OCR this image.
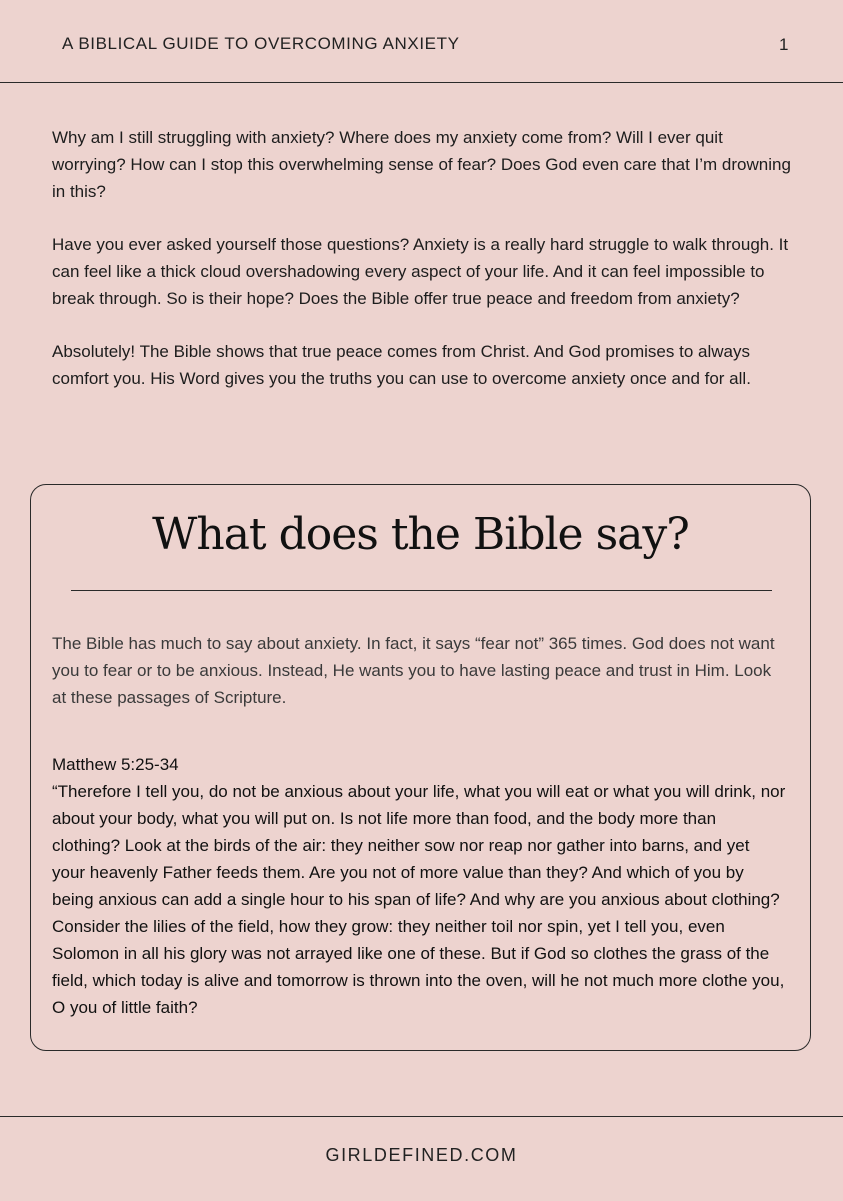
A BIBLICAL GUIDE TO OVERCOMING ANXIETY	1

Why am I still struggling with anxiety? Where does my anxiety come from? Will I ever quit worrying? How can I stop this overwhelming sense of fear? Does God even care that I’m drowning in this?

Have you ever asked yourself those questions? Anxiety is a really hard struggle to walk through. It can feel like a thick cloud overshadowing every aspect of your life. And it can feel impossible to break through. So is their hope? Does the Bible offer true peace and freedom from anxiety?

Absolutely! The Bible shows that true peace comes from Christ. And God promises to always comfort you. His Word gives you the truths you can use to overcome anxiety once and for all.

What does the Bible say?

The Bible has much to say about anxiety. In fact, it says “fear not” 365 times. God does not want you to fear or to be anxious. Instead, He wants you to have lasting peace and trust in Him. Look at these passages of Scripture.

Matthew 5:25-34

“Therefore I tell you, do not be anxious about your life, what you will eat or what you will drink, nor about your body, what you will put on. Is not life more than food, and the body more than clothing? Look at the birds of the air: they neither sow nor reap nor gather into barns, and yet your heavenly Father feeds them. Are you not of more value than they? And which of you by being anxious can add a single hour to his span of life? And why are you anxious about clothing? Consider the lilies of the field, how they grow: they neither toil nor spin, yet I tell you, even Solomon in all his glory was not arrayed like one of these. But if God so clothes the grass of the field, which today is alive and tomorrow is thrown into the oven, will he not much more clothe you, O you of little faith?

GIRLDEFINED.COM
